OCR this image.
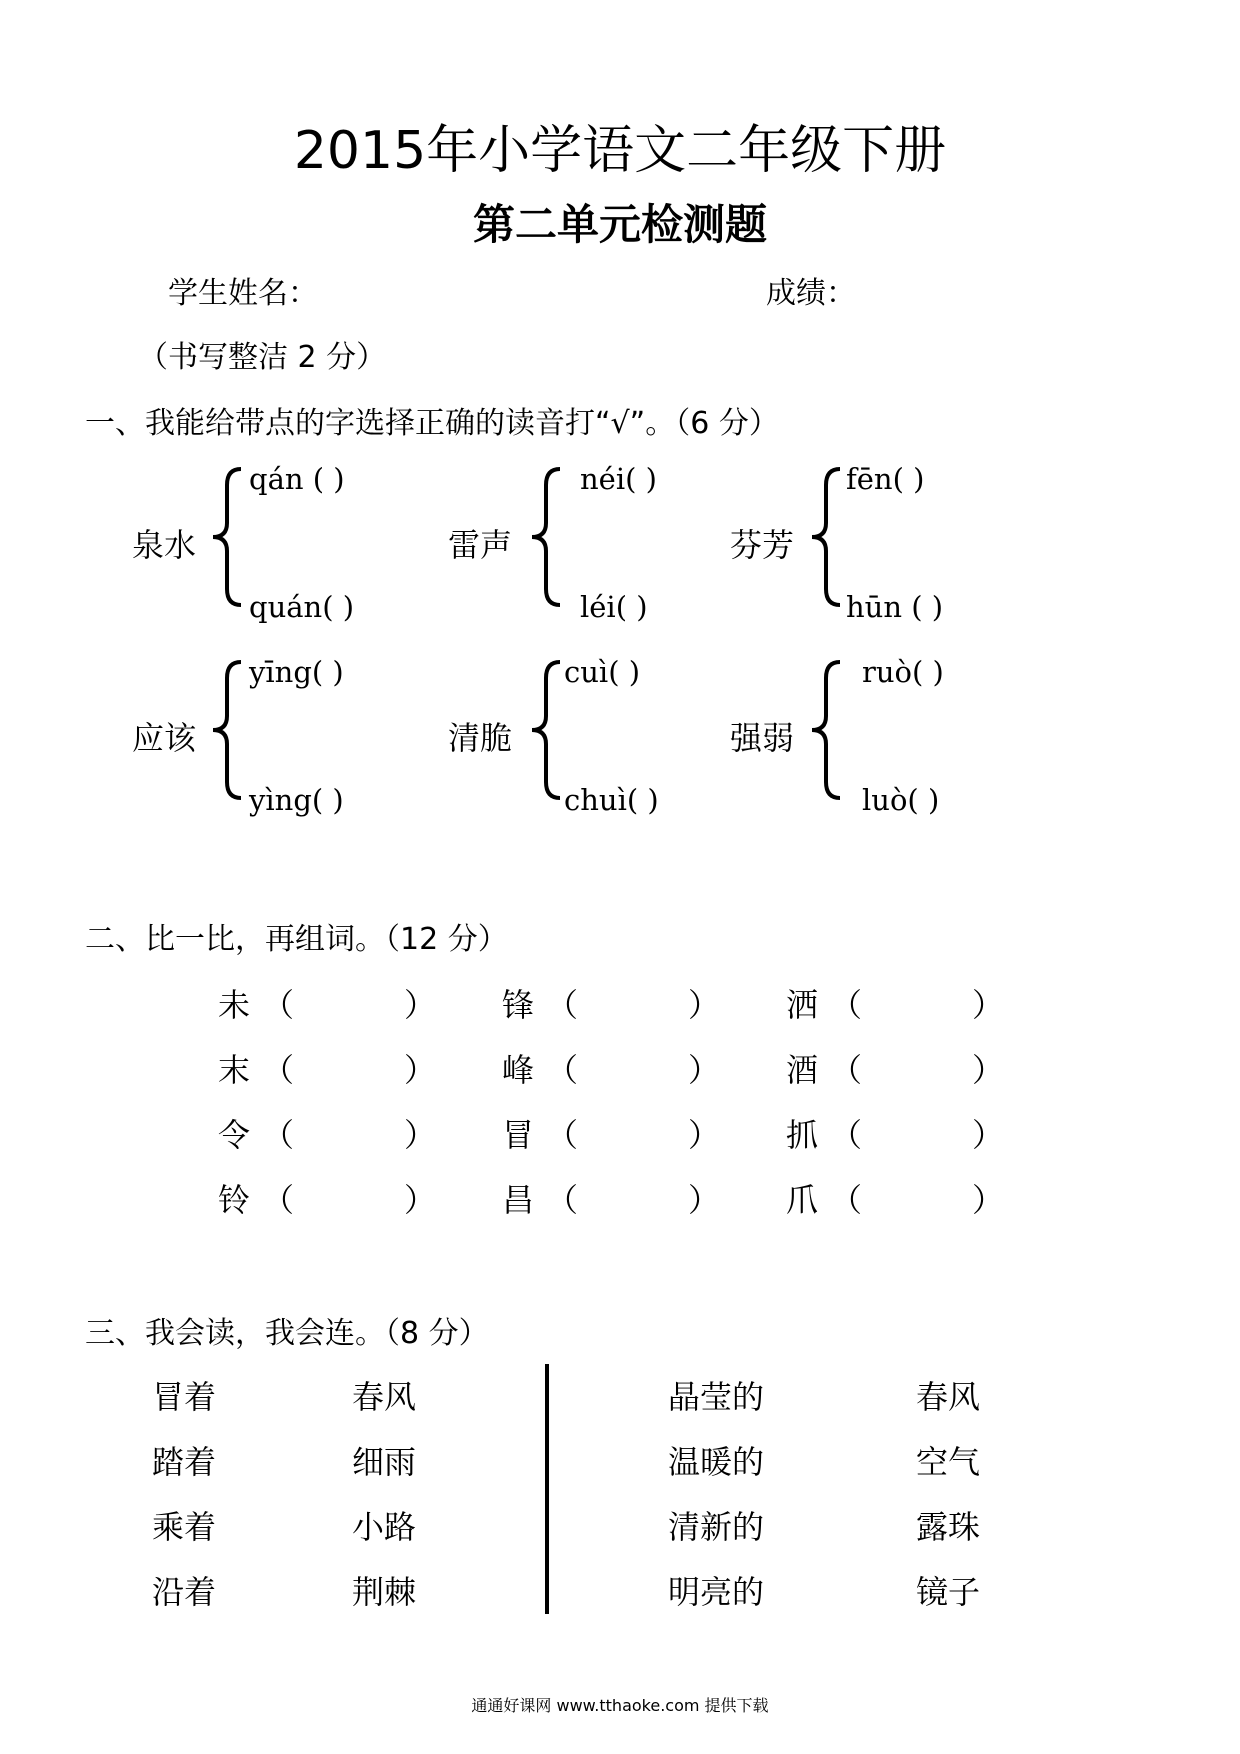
2015年小学语文二年级下册
第二单元检测题
学生姓名：	成绩：
（书写整洁 2 分）
一、我能给带点的字选择正确的读音打“√”。（6 分）
泉水
qán ( )
quán( )
雷声
néi( )
léi( )
芬芳
fēn( )
hūn ( )
应该
yīng( )
yìng( )
清脆
cuì( )
chuì( )
强弱
ruò( )
luò( )
二、比一比，再组词。（12 分）
未 （	） 锋 （	） 洒 （	）
末 （	） 峰 （	） 酒 （	）
令 （	） 冒 （	） 抓 （	）
铃 （	） 昌 （	） 爪 （	）
三、我会读，我会连。（8 分）
冒着	春风
踏着	细雨
乘着	小路
沿着	荆棘
晶莹的	春风
温暖的	空气
清新的	露珠
明亮的	镜子
通通好课网 www.tthaoke.com 提供下载
